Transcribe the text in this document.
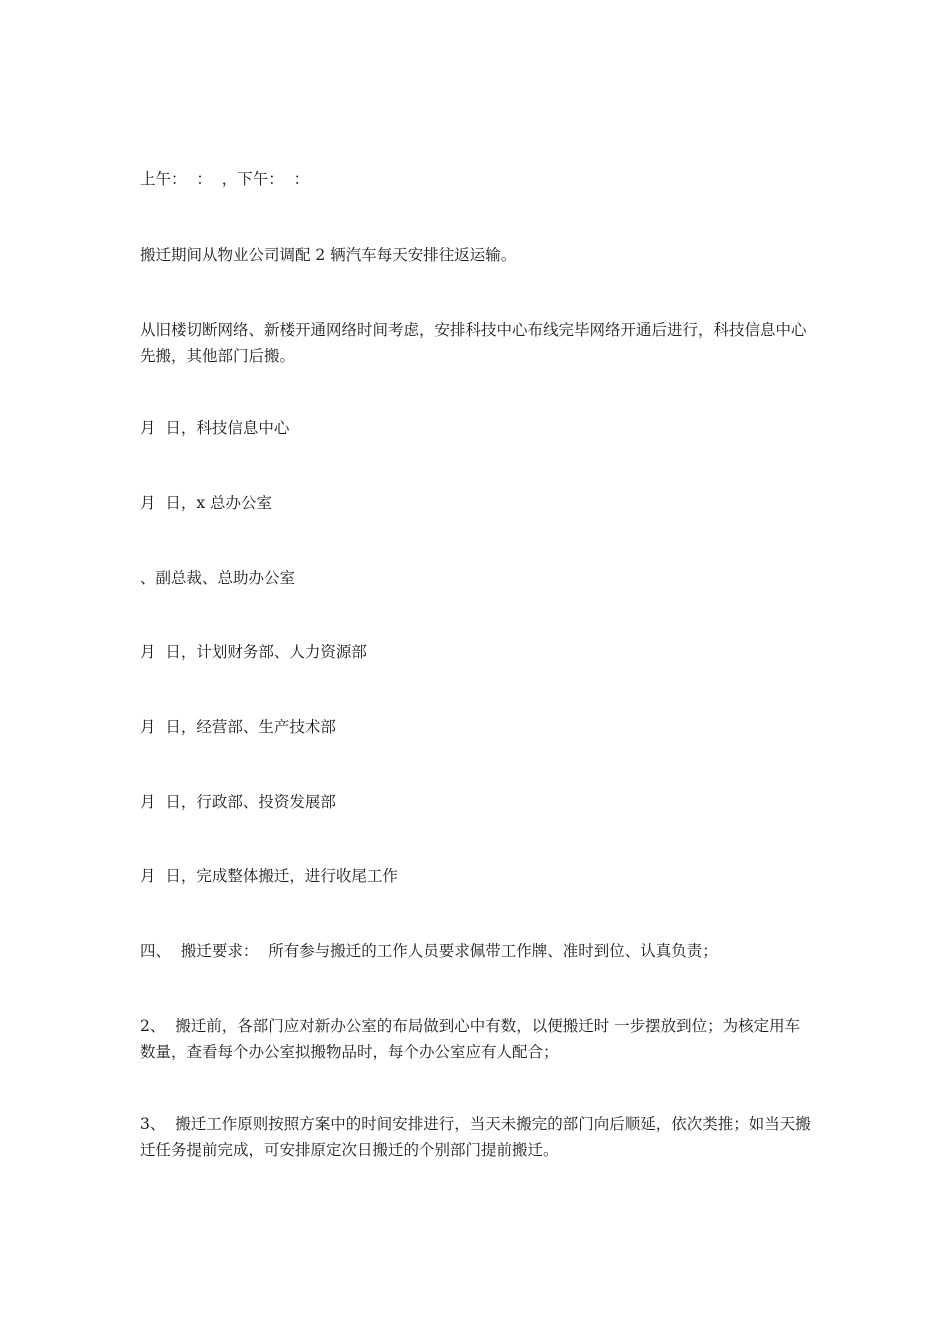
上午：  ：  ，下午：  ：

搬迁期间从物业公司调配 2 辆汽车每天安排往返运输。

从旧楼切断网络、新楼开通网络时间考虑，安排科技中心布线完毕网络开通后进行，科技信息中心先搬，其他部门后搬。

月  日，科技信息中心

月  日，x 总办公室

、副总裁、总助办公室

月  日，计划财务部、人力资源部

月  日，经营部、生产技术部

月  日，行政部、投资发展部

月  日，完成整体搬迁，进行收尾工作

四、  搬迁要求：  所有参与搬迁的工作人员要求佩带工作牌、准时到位、认真负责；

2、  搬迁前，各部门应对新办公室的布局做到心中有数，以便搬迁时 一步摆放到位；为核定用车数量，查看每个办公室拟搬物品时，每个办公室应有人配合；

3、  搬迁工作原则按照方案中的时间安排进行，当天未搬完的部门向后顺延，依次类推；如当天搬迁任务提前完成，可安排原定次日搬迁的个别部门提前搬迁。
